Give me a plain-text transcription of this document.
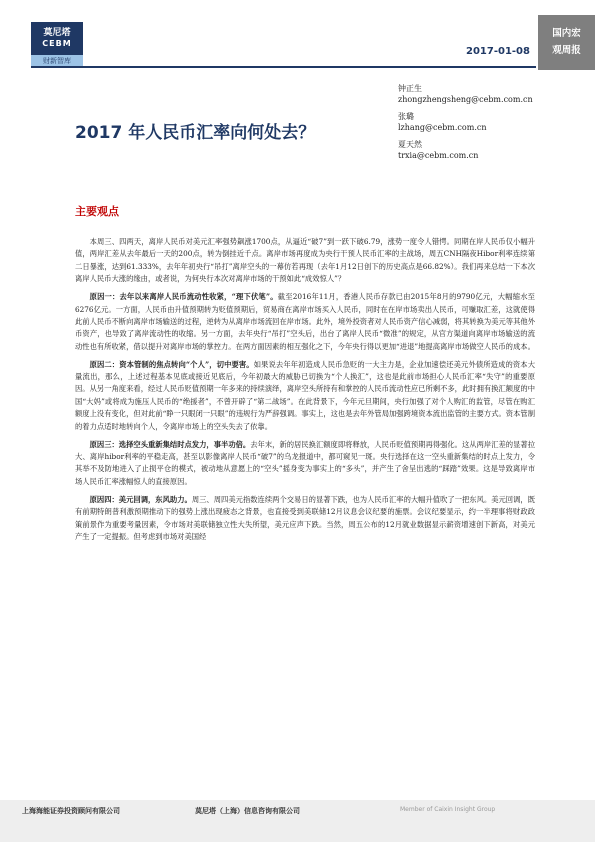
莫尼塔
CEBM
财新智库
2017-01-08
国内宏
观周报
钟正生
zhongzhengsheng@cebm.com.cn
张璐
lzhang@cebm.com.cn
夏天然
trxia@cebm.com.cn
2017 年人民币汇率向何处去？
主要观点

本周三、四两天，离岸人民币对美元汇率强势飙涨1700点，从逼近“破7”到一跃下破6.79，涨势一度令人错愕。同期在岸人民币仅小幅升值，两岸汇差从去年最后一天的200点，转为倒挂近千点。离岸市场再度成为央行干预人民币汇率的主战场，周五CNH隔夜Hibor利率连续第二日暴涨，达到61.333%，去年年初央行“吊打”离岸空头的一幕仿若再现（去年1月12日创下的历史高点是66.82%）。我们再来总结一下本次离岸人民币大涨的缘由，或者说，为何央行本次对离岸市场的干预如此“成效惊人”？

原因一：去年以来离岸人民币流动性收紧，“理下伏笔”。截至2016年11月，香港人民币存款已由2015年8月的9790亿元，大幅缩水至6276亿元。一方面，人民币由升值预期转为贬值预期后，贸易商在离岸市场买入人民币，同时在在岸市场卖出人民币，可赚取汇差，这就使得此前人民币不断向离岸市场输送的过程，逆转为从离岸市场流回在岸市场。此外，境外投资者对人民币资产信心减弱，将其转换为美元等其他外币资产，也导致了离岸流动性的收缩。另一方面，去年央行“吊打”空头后，出台了离岸人民币“微准”的规定，从官方渠道向离岸市场输送的流动性也有所收紧，借以提升对离岸市场的掌控力。在两方面因素的相互强化之下，今年央行得以更加“进退”地提高离岸市场做空人民币的成本。

原因二：资本管制的焦点转向“个人”，切中要害。如果说去年年初造成人民币急贬的一大主力是，企业加速偿还美元外债所造成的资本大量流出，那么，上述过程基本见底或接近见底后，今年初最大的威胁已切换为“个人换汇”，这也是此前市场担心人民币汇率“失守”的重要原因。从另一角度来看，经过人民币贬值预期一年多来的持续演绎，离岸空头所持有和掌控的人民币流动性应已所剩不多，此时拥有换汇额度的中国“大妈”或将成为施压人民币的“绝援者”，不曾开辟了“第二战场”。在此背景下，今年元旦期间，央行加强了对个人购汇的监管，尽管在购汇额度上没有变化，但对此前“睁一只眼闭一只眼”的违规行为严辞强调。事实上，这也是去年外管局加强跨境资本流出监管的主要方式。资本管制的着力点适时地转向个人，令离岸市场上的空头失去了依靠。

原因三：选择空头重新集结时点发力，事半功倍。去年末，新的居民换汇额度即将释放，人民币贬值预期再得强化。这从两岸汇差的显著拉大、离岸hibor利率的平稳走高，甚至以影像离岸人民币“破7”的乌龙报道中，都可窥见一斑。央行选择在这一空头重新集结的时点上发力，令其举不及防地进入了止损平仓的模式，被动地从意愿上的“空头”摇身变为事实上的“多头”，并产生了舍呈出逃的“踩踏”效果。这是导致离岸市场人民币汇率涨幅惊人的直接原因。

原因四：美元回调，东风助力。周三、周四美元指数连续两个交易日的显著下跌，也为人民币汇率的大幅升值吹了一把东风。美元回调，既有前期特朗普利激预期推动下的强势上涨出现疲态之背景，也直接受到美联储12月议息会议纪要的施票。会议纪要显示，约一半理事将财政政策前景作为重要考量因素，令市场对美联储独立性大失所望，美元应声下跌。当然，周五公布的12月就业数据显示薪资增速创下新高，对美元产生了一定提振。但考虑到市场对美国经

上海海能证券投资顾问有限公司	莫尼塔（上海）信息咨询有限公司	Member of Caixin Insight Group
